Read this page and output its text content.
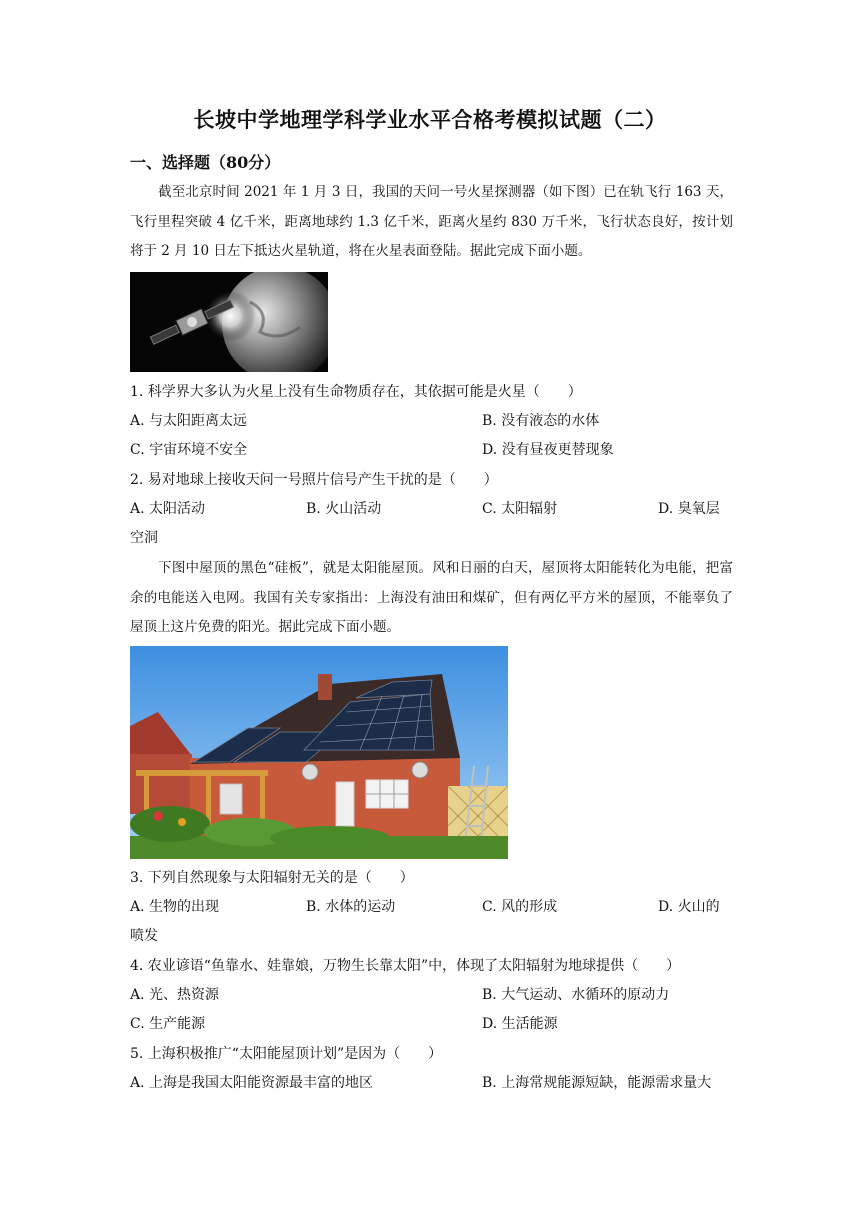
长坡中学地理学科学业水平合格考模拟试题（二）
一、选择题（80分）
截至北京时间 2021 年 1 月 3 日，我国的天问一号火星探测器（如下图）已在轨飞行 163 天，飞行里程突破 4 亿千米，距离地球约 1.3 亿千米，距离火星约 830 万千米，飞行状态良好，按计划将于 2 月 10 日左下抵达火星轨道，将在火星表面登陆。据此完成下面小题。
1. 科学界大多认为火星上没有生命物质存在，其依据可能是火星（　　）
A. 与太阳距离太远	B. 没有液态的水体
C. 宇宙环境不安全	D. 没有昼夜更替现象
2. 易对地球上接收天问一号照片信号产生干扰的是（　　）
A. 太阳活动	B. 火山活动	C. 太阳辐射	D. 臭氧层
空洞
下图中屋顶的黑色“硅板”，就是太阳能屋顶。风和日丽的白天，屋顶将太阳能转化为电能，把富余的电能送入电网。我国有关专家指出：上海没有油田和煤矿，但有两亿平方米的屋顶，不能辜负了屋顶上这片免费的阳光。据此完成下面小题。
3. 下列自然现象与太阳辐射无关的是（　　）
A. 生物的出现	B. 水体的运动	C. 风的形成	D. 火山的
喷发
4. 农业谚语“鱼靠水、娃靠娘，万物生长靠太阳”中，体现了太阳辐射为地球提供（　　）
A. 光、热资源	B. 大气运动、水循环的原动力
C. 生产能源	D. 生活能源
5. 上海积极推广“太阳能屋顶计划”是因为（　　）
A. 上海是我国太阳能资源最丰富的地区	B. 上海常规能源短缺，能源需求量大
